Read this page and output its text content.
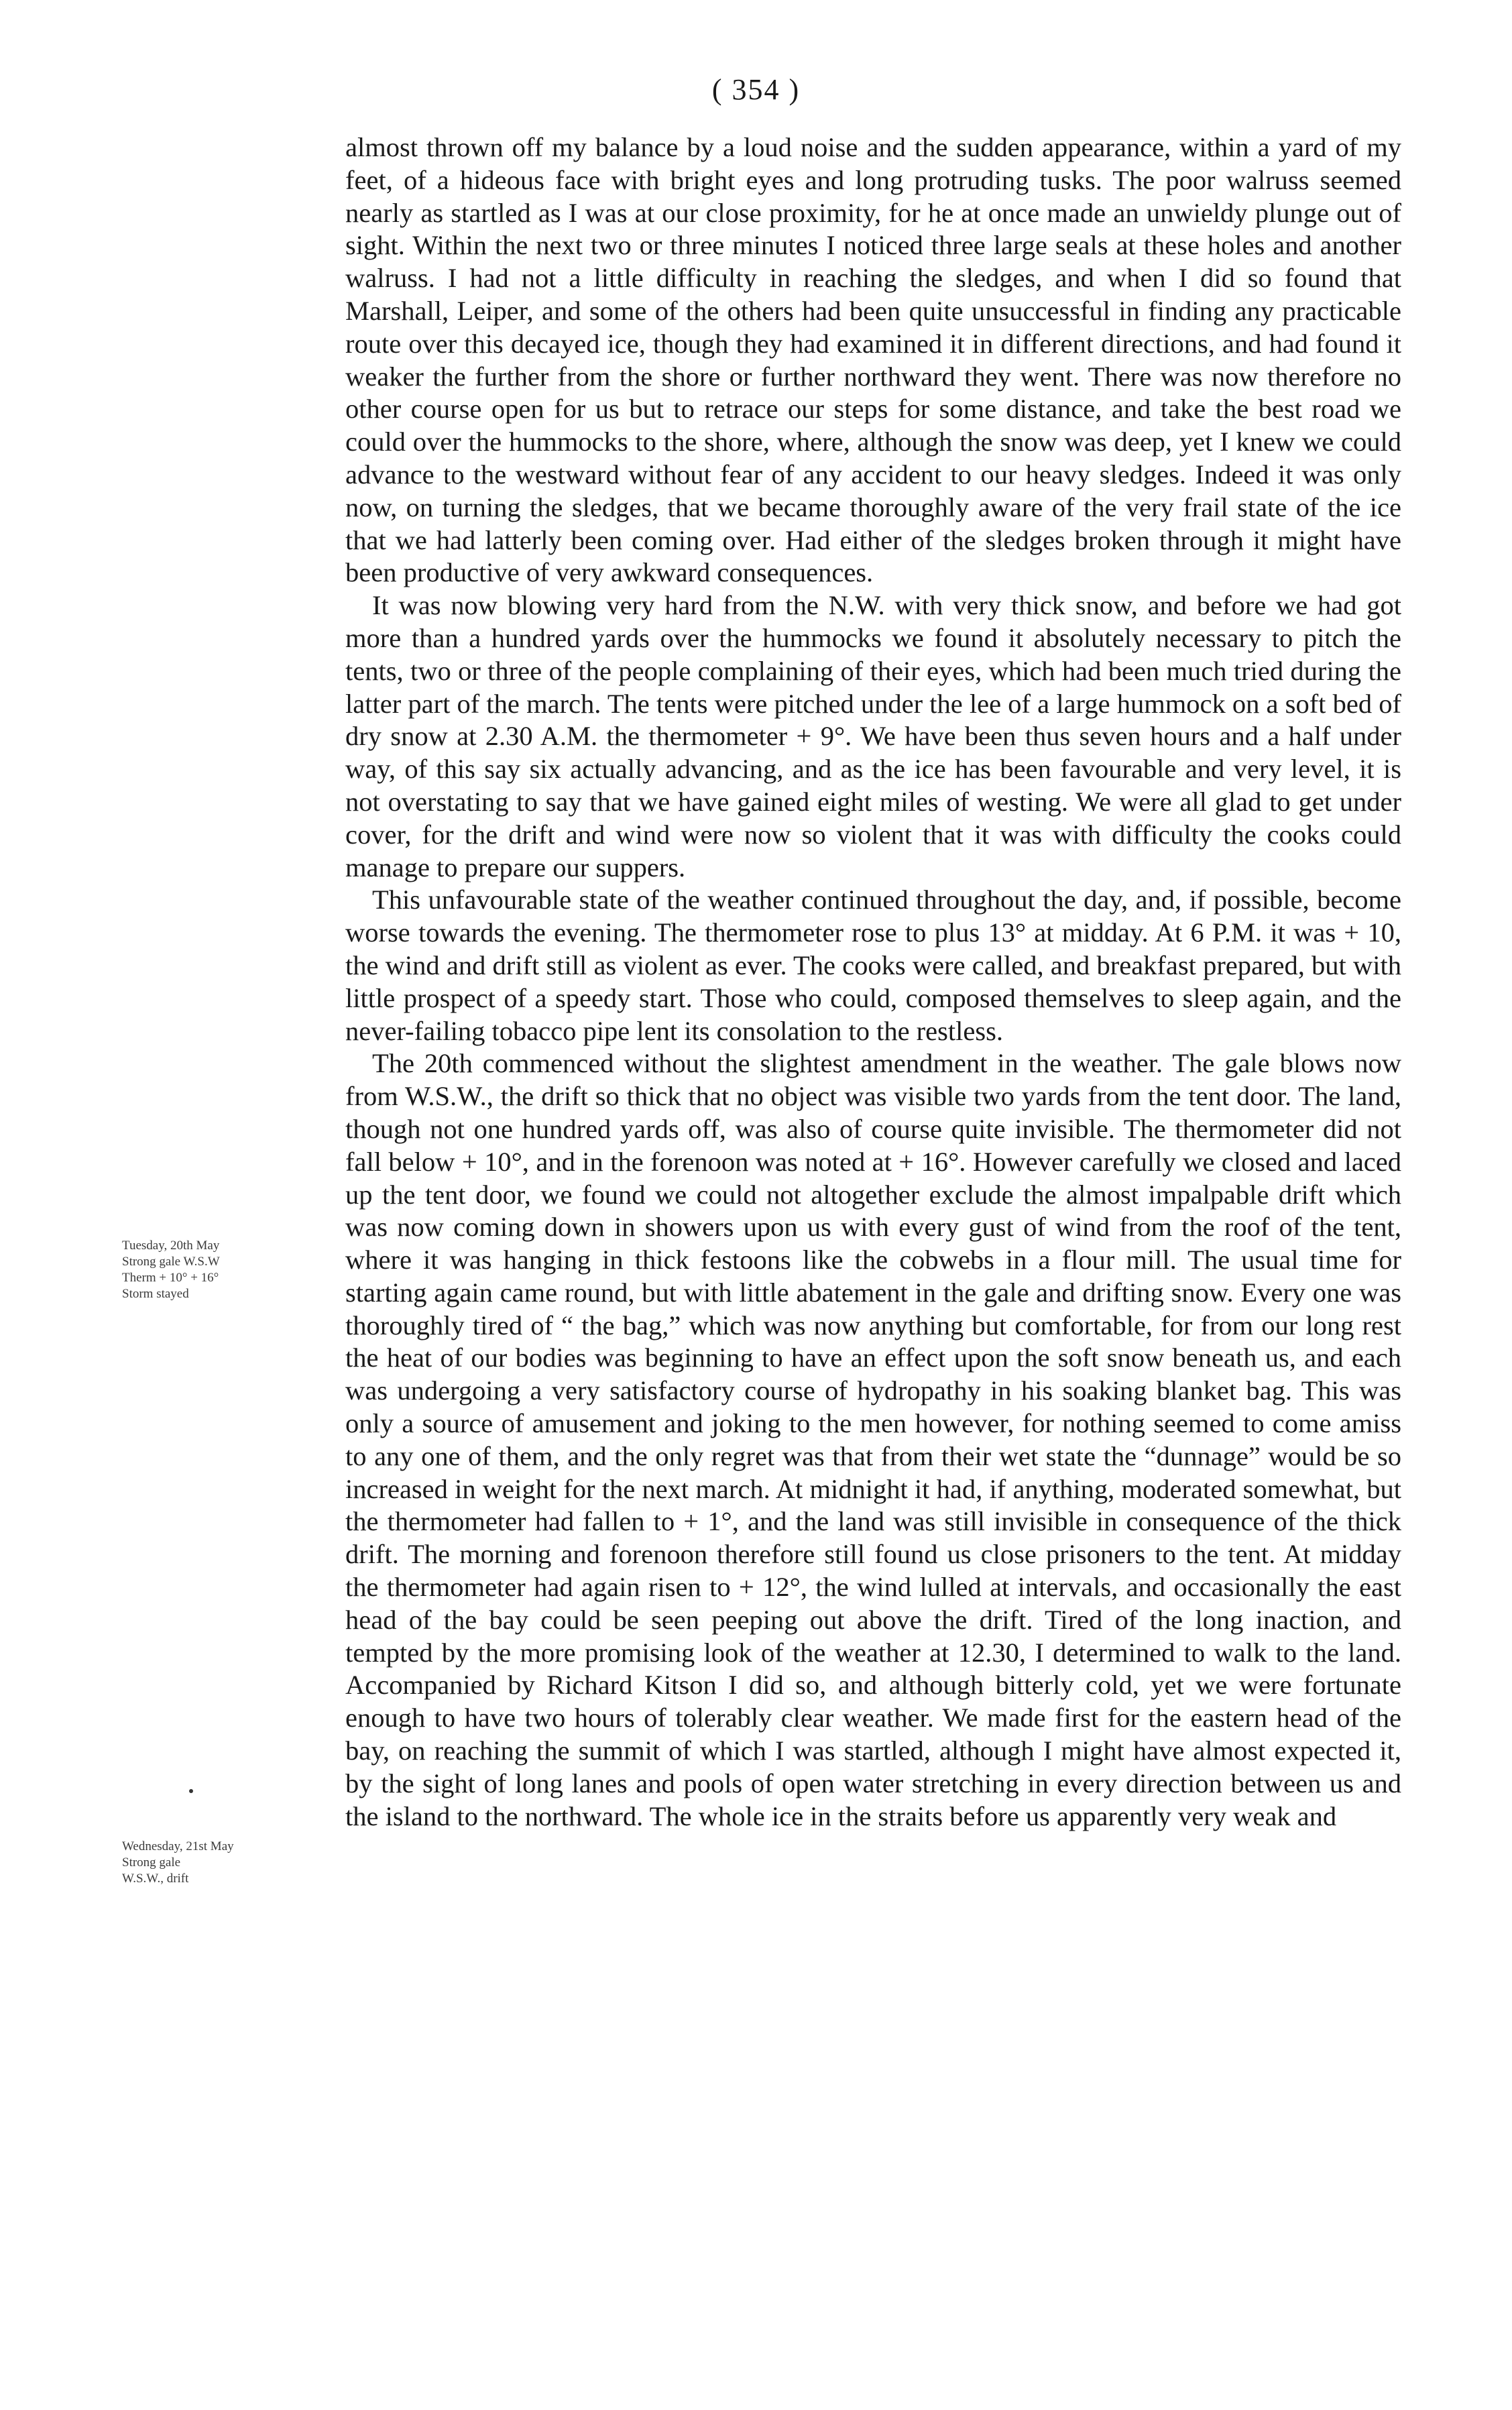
( 354 )

almost thrown off my balance by a loud noise and the sudden appearance, within a yard of my feet, of a hideous face with bright eyes and long protruding tusks. The poor walruss seemed nearly as startled as I was at our close proximity, for he at once made an unwieldy plunge out of sight. Within the next two or three minutes I noticed three large seals at these holes and another walruss. I had not a little difficulty in reaching the sledges, and when I did so found that Marshall, Leiper, and some of the others had been quite unsuccessful in finding any practicable route over this decayed ice, though they had examined it in different directions, and had found it weaker the further from the shore or further northward they went. There was now therefore no other course open for us but to retrace our steps for some distance, and take the best road we could over the hummocks to the shore, where, although the snow was deep, yet I knew we could advance to the westward without fear of any accident to our heavy sledges. Indeed it was only now, on turning the sledges, that we became thoroughly aware of the very frail state of the ice that we had latterly been coming over. Had either of the sledges broken through it might have been productive of very awkward consequences.

It was now blowing very hard from the N.W. with very thick snow, and before we had got more than a hundred yards over the hummocks we found it absolutely necessary to pitch the tents, two or three of the people complaining of their eyes, which had been much tried during the latter part of the march. The tents were pitched under the lee of a large hummock on a soft bed of dry snow at 2.30 A.M. the thermometer + 9°. We have been thus seven hours and a half under way, of this say six actually advancing, and as the ice has been favourable and very level, it is not overstating to say that we have gained eight miles of westing. We were all glad to get under cover, for the drift and wind were now so violent that it was with difficulty the cooks could manage to prepare our suppers.

This unfavourable state of the weather continued throughout the day, and, if possible, become worse towards the evening. The thermometer rose to plus 13° at midday. At 6 P.M. it was + 10, the wind and drift still as violent as ever. The cooks were called, and breakfast prepared, but with little prospect of a speedy start. Those who could, composed themselves to sleep again, and the never-failing tobacco pipe lent its consolation to the restless.

The 20th commenced without the slightest amendment in the weather. The gale blows now from W.S.W., the drift so thick that no object was visible two yards from the tent door. The land, though not one hundred yards off, was also of course quite invisible. The thermometer did not fall below + 10°, and in the forenoon was noted at + 16°. However carefully we closed and laced up the tent door, we found we could not altogether exclude the almost impalpable drift which was now coming down in showers upon us with every gust of wind from the roof of the tent, where it was hanging in thick festoons like the cobwebs in a flour mill. The usual time for starting again came round, but with little abatement in the gale and drifting snow. Every one was thoroughly tired of “ the bag,” which was now anything but comfortable, for from our long rest the heat of our bodies was beginning to have an effect upon the soft snow beneath us, and each was undergoing a very satisfactory course of hydropathy in his soaking blanket bag. This was only a source of amusement and joking to the men however, for nothing seemed to come amiss to any one of them, and the only regret was that from their wet state the “dunnage” would be so increased in weight for the next march. At midnight it had, if anything, moderated somewhat, but the thermometer had fallen to + 1°, and the land was still invisible in consequence of the thick drift. The morning and forenoon therefore still found us close prisoners to the tent. At midday the thermometer had again risen to + 12°, the wind lulled at intervals, and occasionally the east head of the bay could be seen peeping out above the drift. Tired of the long inaction, and tempted by the more promising look of the weather at 12.30, I determined to walk to the land. Accompanied by Richard Kitson I did so, and although bitterly cold, yet we were fortunate enough to have two hours of tolerably clear weather. We made first for the eastern head of the bay, on reaching the summit of which I was startled, although I might have almost expected it, by the sight of long lanes and pools of open water stretching in every direction between us and the island to the northward. The whole ice in the straits before us apparently very weak and

Tuesday, 20th May
Strong gale W.S.W
Therm + 10° + 16°
Storm stayed
Wednesday, 21st May
Strong gale
W.S.W., drift
